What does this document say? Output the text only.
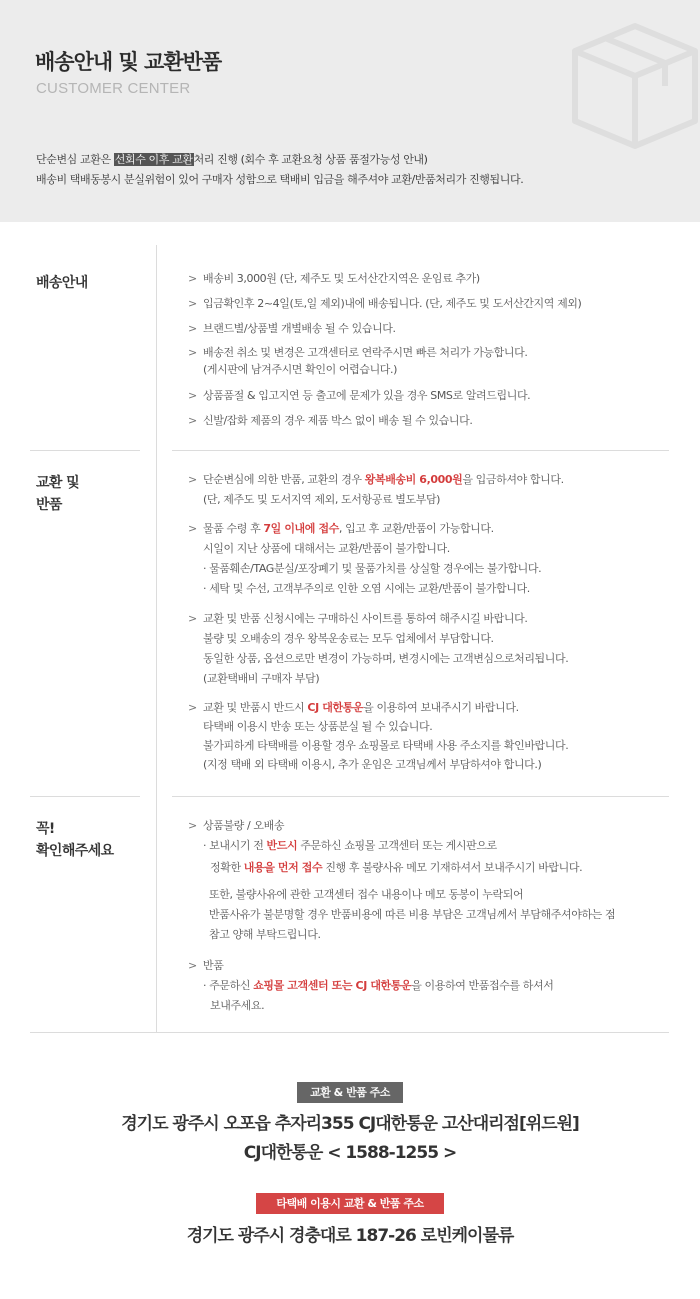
배송안내 및 교환반품
CUSTOMER CENTER
단순변심 교환은 선회수 이후 교환처리 진행 (회수 후 교환요청 상품 품절가능성 안내)
배송비 택배동봉시 분실위험이 있어 구매자 성함으로 택배비 입금을 해주셔야 교환/반품처리가 진행됩니다.
배송안내	> 배송비 3,000원 (단, 제주도 및 도서산간지역은 운임료 추가)
> 입금확인후 2~4일(토,일 제외)내에 배송됩니다. (단, 제주도 및 도서산간지역 제외)
> 브랜드별/상품별 개별배송 될 수 있습니다.
> 배송전 취소 및 변경은 고객센터로 연락주시면 빠른 처리가 가능합니다.
(게시판에 남겨주시면 확인이 어렵습니다.)
> 상품품절 & 입고지연 등 출고에 문제가 있을 경우 SMS로 알려드립니다.
> 신발/잡화 제품의 경우 제품 박스 없이 배송 될 수 있습니다.
교환 및
반품
> 단순변심에 의한 반품, 교환의 경우 왕복배송비 6,000원을 입금하셔야 합니다.
(단, 제주도 및 도서지역 제외, 도서항공료 별도부담)
> 물품 수령 후 7일 이내에 접수, 입고 후 교환/반품이 가능합니다.
시일이 지난 상품에 대해서는 교환/반품이 불가합니다.
· 물품훼손/TAG분실/포장폐기 및 물품가치를 상실할 경우에는 불가합니다.
· 세탁 및 수선, 고객부주의로 인한 오염 시에는 교환/반품이 불가합니다.
> 교환 및 반품 신청시에는 구매하신 사이트를 통하여 해주시길 바랍니다.
불량 및 오배송의 경우 왕복운송료는 모두 업체에서 부담합니다.
동일한 상품, 옵션으로만 변경이 가능하며, 변경시에는 고객변심으로처리됩니다.
(교환택배비 구매자 부담)
> 교환 및 반품시 반드시 CJ 대한통운을 이용하여 보내주시기 바랍니다.
타택배 이용시 반송 또는 상품분실 될 수 있습니다.
불가피하게 타택배를 이용할 경우 쇼핑몰로 타택배 사용 주소지를 확인바랍니다.
(지정 택배 외 타택배 이용시, 추가 운임은 고객님께서 부담하셔야 합니다.)
꼭!
확인해주세요
> 상품불량 / 오배송
· 보내시기 전 반드시 주문하신 쇼핑몰 고객센터 또는 게시판으로
정확한 내용을 먼저 접수 진행 후 불량사유 메모 기재하셔서 보내주시기 바랍니다.
또한, 불량사유에 관한 고객센터 접수 내용이나 메모 동봉이 누락되어
반품사유가 불분명할 경우 반품비용에 따른 비용 부담은 고객님께서 부담해주셔야하는 점
참고 양해 부탁드립니다.
> 반품
· 주문하신 쇼핑몰 고객센터 또는 CJ 대한통운을 이용하여 반품접수를 하셔서
보내주세요.
교환 & 반품 주소
경기도 광주시 오포읍 추자리355 CJ대한통운 고산대리점[위드원]
CJ대한통운 < 1588-1255 >
타택배 이용시 교환 & 반품 주소
경기도 광주시 경충대로 187-26 로빈케이물류
